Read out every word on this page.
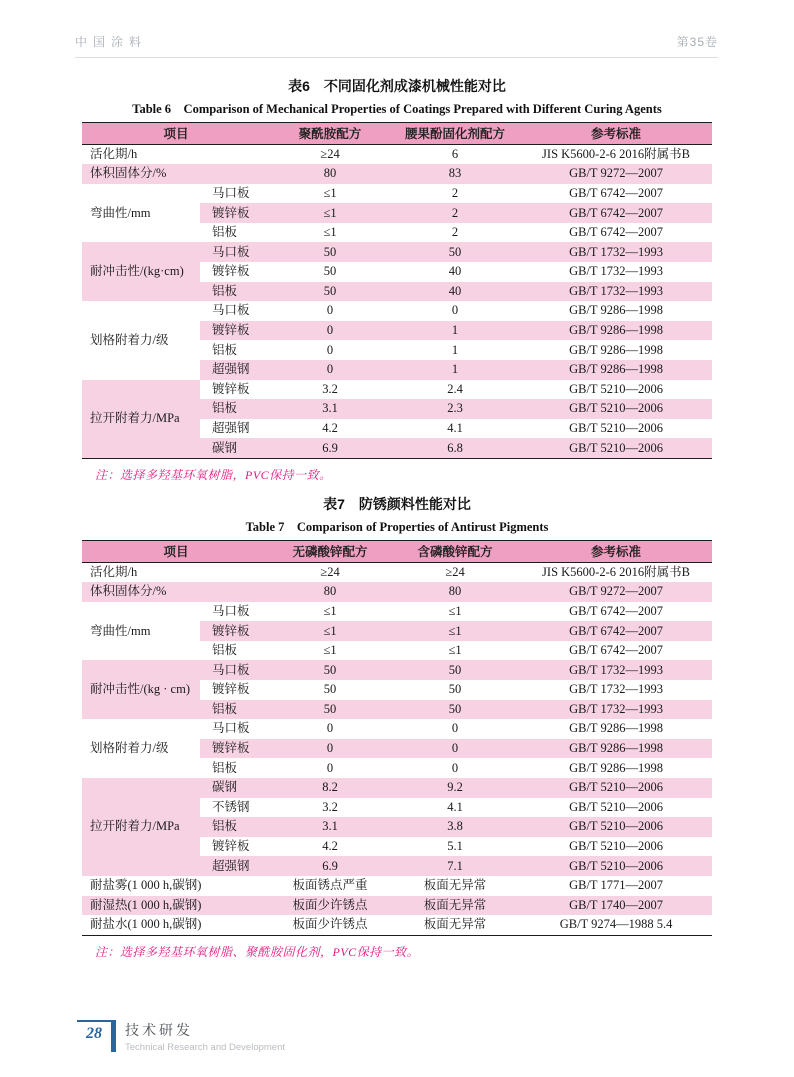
中国涂料	第35卷
表6　不同固化剂成漆机械性能对比
Table 6　Comparison of Mechanical Properties of Coatings Prepared with Different Curing Agents
项目		聚酰胺配方	腰果酚固化剂配方	参考标准
活化期/h		≥24	6	JIS K5600-2-6 2016附属书B
体积固体分/%		80	83	GB/T 9272—2007
弯曲性/mm	马口板	≤1	2	GB/T 6742—2007
	镀锌板	≤1	2	GB/T 6742—2007
	铝板	≤1	2	GB/T 6742—2007
耐冲击性/(kg·cm)	马口板	50	50	GB/T 1732—1993
	镀锌板	50	40	GB/T 1732—1993
	铝板	50	40	GB/T 1732—1993
划格附着力/级	马口板	0	0	GB/T 9286—1998
	镀锌板	0	1	GB/T 9286—1998
	铝板	0	1	GB/T 9286—1998
	超强钢	0	1	GB/T 9286—1998
拉开附着力/MPa	镀锌板	3.2	2.4	GB/T 5210—2006
	铝板	3.1	2.3	GB/T 5210—2006
	超强钢	4.2	4.1	GB/T 5210—2006
	碳钢	6.9	6.8	GB/T 5210—2006
注：选择多羟基环氧树脂，PVC保持一致。
表7　防锈颜料性能对比
Table 7　Comparison of Properties of Antirust Pigments
项目		无磷酸锌配方	含磷酸锌配方	参考标准
活化期/h		≥24	≥24	JIS K5600-2-6 2016附属书B
体积固体分/%		80	80	GB/T 9272—2007
弯曲性/mm	马口板	≤1	≤1	GB/T 6742—2007
	镀锌板	≤1	≤1	GB/T 6742—2007
	铝板	≤1	≤1	GB/T 6742—2007
耐冲击性/(kg · cm)	马口板	50	50	GB/T 1732—1993
	镀锌板	50	50	GB/T 1732—1993
	铝板	50	50	GB/T 1732—1993
划格附着力/级	马口板	0	0	GB/T 9286—1998
	镀锌板	0	0	GB/T 9286—1998
	铝板	0	0	GB/T 9286—1998
拉开附着力/MPa	碳钢	8.2	9.2	GB/T 5210—2006
	不锈钢	3.2	4.1	GB/T 5210—2006
	铝板	3.1	3.8	GB/T 5210—2006
	镀锌板	4.2	5.1	GB/T 5210—2006
	超强钢	6.9	7.1	GB/T 5210—2006
耐盐雾(1 000 h,碳钢)		板面锈点严重	板面无异常	GB/T 1771—2007
耐湿热(1 000 h,碳钢)		板面少许锈点	板面无异常	GB/T 1740—2007
耐盐水(1 000 h,碳钢)		板面少许锈点	板面无异常	GB/T 9274—1988 5.4
注：选择多羟基环氧树脂、聚酰胺固化剂，PVC保持一致。
28	技术研发
Technical Research and Development
